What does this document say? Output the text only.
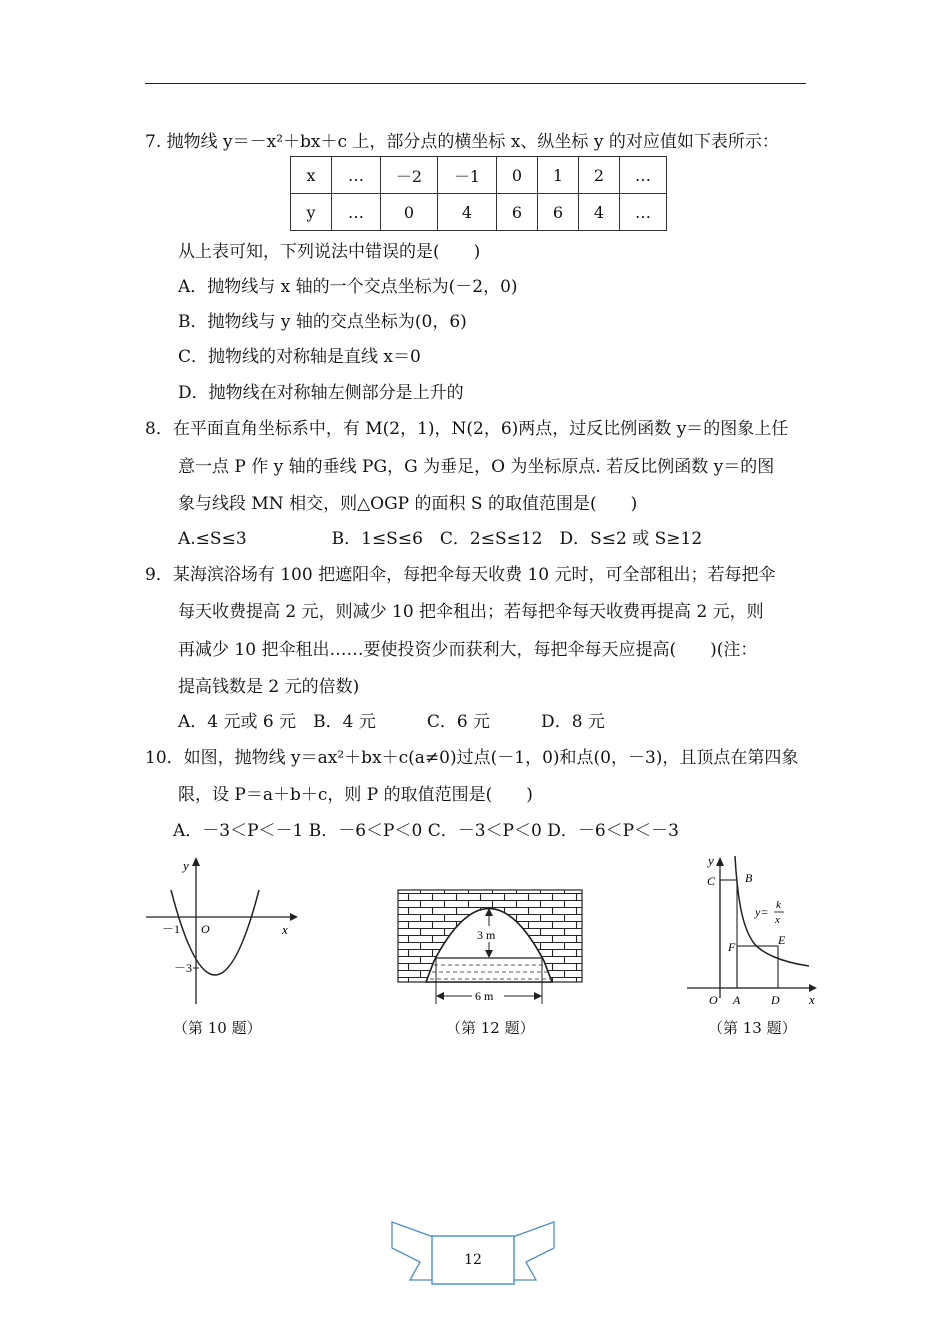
7. 抛物线 y＝－x²＋bx＋c 上，部分点的横坐标 x、纵坐标 y 的对应值如下表所示：
x	…	－2	－1	0	1	2	…
y	…	0	4	6	6	4	…
从上表可知，下列说法中错误的是(　　)
A．抛物线与 x 轴的一个交点坐标为(－2，0)
B．抛物线与 y 轴的交点坐标为(0，6)
C．抛物线的对称轴是直线 x＝0
D．抛物线在对称轴左侧部分是上升的
8．在平面直角坐标系中，有 M(2，1)，N(2，6)两点，过反比例函数 y＝的图象上任
意一点 P 作 y 轴的垂线 PG，G 为垂足，O 为坐标原点. 若反比例函数 y＝的图
象与线段 MN 相交，则△OGP 的面积 S 的取值范围是(　　)
A.≤S≤3　　　　　B．1≤S≤6　C．2≤S≤12　D．S≤2 或 S≥12
9．某海滨浴场有 100 把遮阳伞，每把伞每天收费 10 元时，可全部租出；若每把伞
每天收费提高 2 元，则减少 10 把伞租出；若每把伞每天收费再提高 2 元，则
再减少 10 把伞租出……要使投资少而获利大，每把伞每天应提高(　　)(注：
提高钱数是 2 元的倍数)
A．4 元或 6 元　B．4 元　　　C．6 元　　　D．8 元
10．如图，抛物线 y＝ax²＋bx＋c(a≠0)过点(－1，0)和点(0，－3)，且顶点在第四象
限，设 P＝a＋b＋c，则 P 的取值范围是(　　)
A．－3＜P＜－1 B．－6＜P＜0 C．－3＜P＜0 D．－6＜P＜－3
y
x
O
－1
－3
（第 10 题）
3 m
6 m
（第 12 题）
y
x
O A	D
C B
F	E
y= k
x
（第 13 题）
12
